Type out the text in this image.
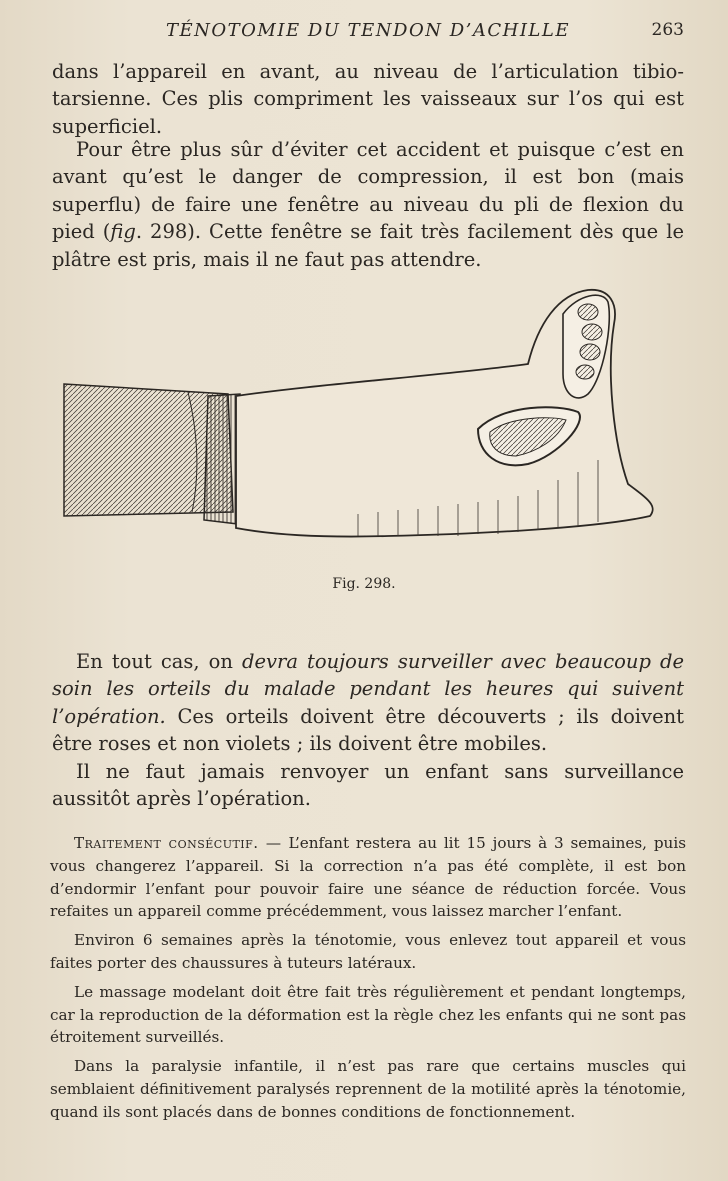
TÉNOTOMIE DU TENDON D’ACHILLE	263

dans l’appareil en avant, au niveau de l’articulation tibio-tarsienne. Ces plis compriment les vaisseaux sur l’os qui est superficiel.

Pour être plus sûr d’éviter cet accident et puisque c’est en avant qu’est le danger de compression, il est bon (mais superflu) de faire une fenêtre au niveau du pli de flexion du pied (fig. 298). Cette fenêtre se fait très facilement dès que le plâtre est pris, mais il ne faut pas attendre.

Fig. 298.

En tout cas, on devra toujours surveiller avec beaucoup de soin les orteils du malade pendant les heures qui suivent l’opération. Ces orteils doivent être découverts ; ils doivent être roses et non violets ; ils doivent être mobiles.

Il ne faut jamais renvoyer un enfant sans surveillance aussitôt après l’opération.

Traitement consécutif. — L’enfant restera au lit 15 jours à 3 semaines, puis vous changerez l’appareil. Si la correction n’a pas été complète, il est bon d’endormir l’enfant pour pouvoir faire une séance de réduction forcée. Vous refaites un appareil comme précédemment, vous laissez marcher l’enfant.

Environ 6 semaines après la ténotomie, vous enlevez tout appareil et vous faites porter des chaussures à tuteurs latéraux.

Le massage modelant doit être fait très régulièrement et pendant longtemps, car la reproduction de la déformation est la règle chez les enfants qui ne sont pas étroitement surveillés.

Dans la paralysie infantile, il n’est pas rare que certains muscles qui semblaient définitivement paralysés reprennent de la motilité après la ténotomie, quand ils sont placés dans de bonnes conditions de fonctionnement.
